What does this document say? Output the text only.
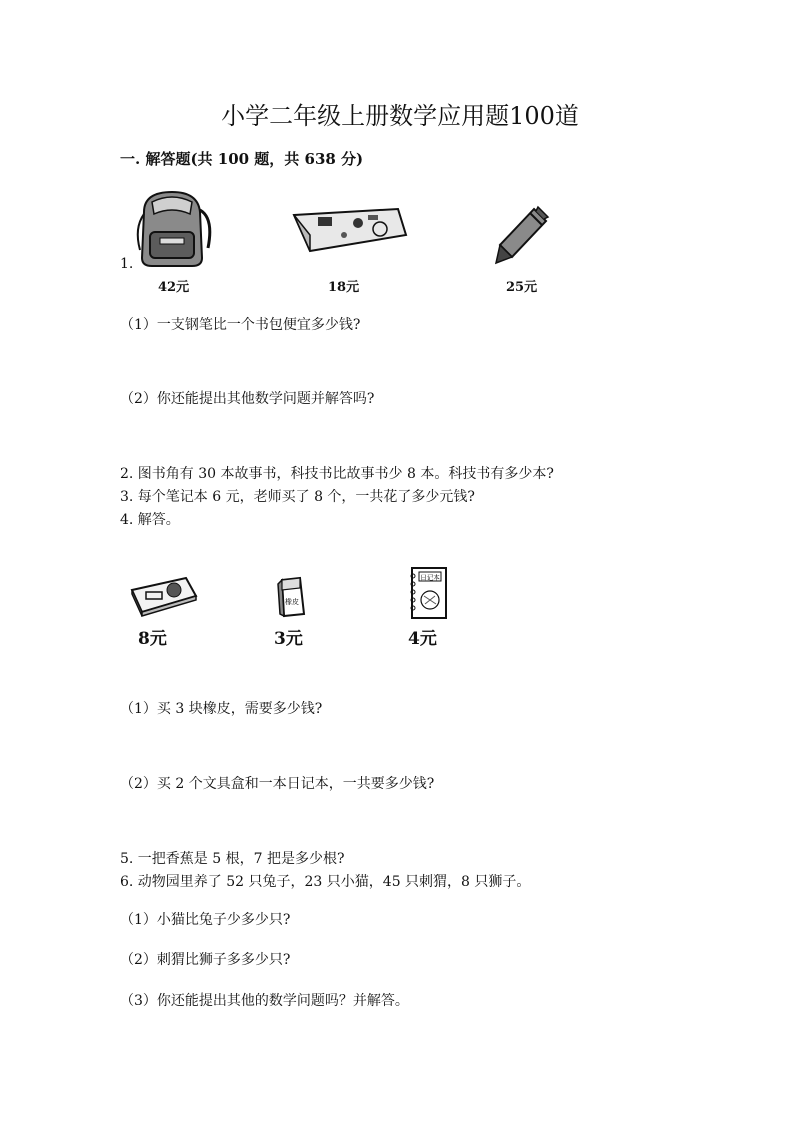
小学二年级上册数学应用题100道
一. 解答题(共 100 题，共 638 分)
1.
42元	18元	25元
（1）一支钢笔比一个书包便宜多少钱?
（2）你还能提出其他数学问题并解答吗?
2. 图书角有 30 本故事书，科技书比故事书少 8 本。科技书有多少本?
3. 每个笔记本 6 元，老师买了 8 个，一共花了多少元钱?
4. 解答。
8元
橡皮
3元
日记本
4元
（1）买 3 块橡皮，需要多少钱?
（2）买 2 个文具盒和一本日记本，一共要多少钱?
5. 一把香蕉是 5 根，7 把是多少根?
6. 动物园里养了 52 只兔子，23 只小猫，45 只刺猬，8 只狮子。
（1）小猫比兔子少多少只?
（2）刺猬比狮子多多少只?
（3）你还能提出其他的数学问题吗？并解答。
